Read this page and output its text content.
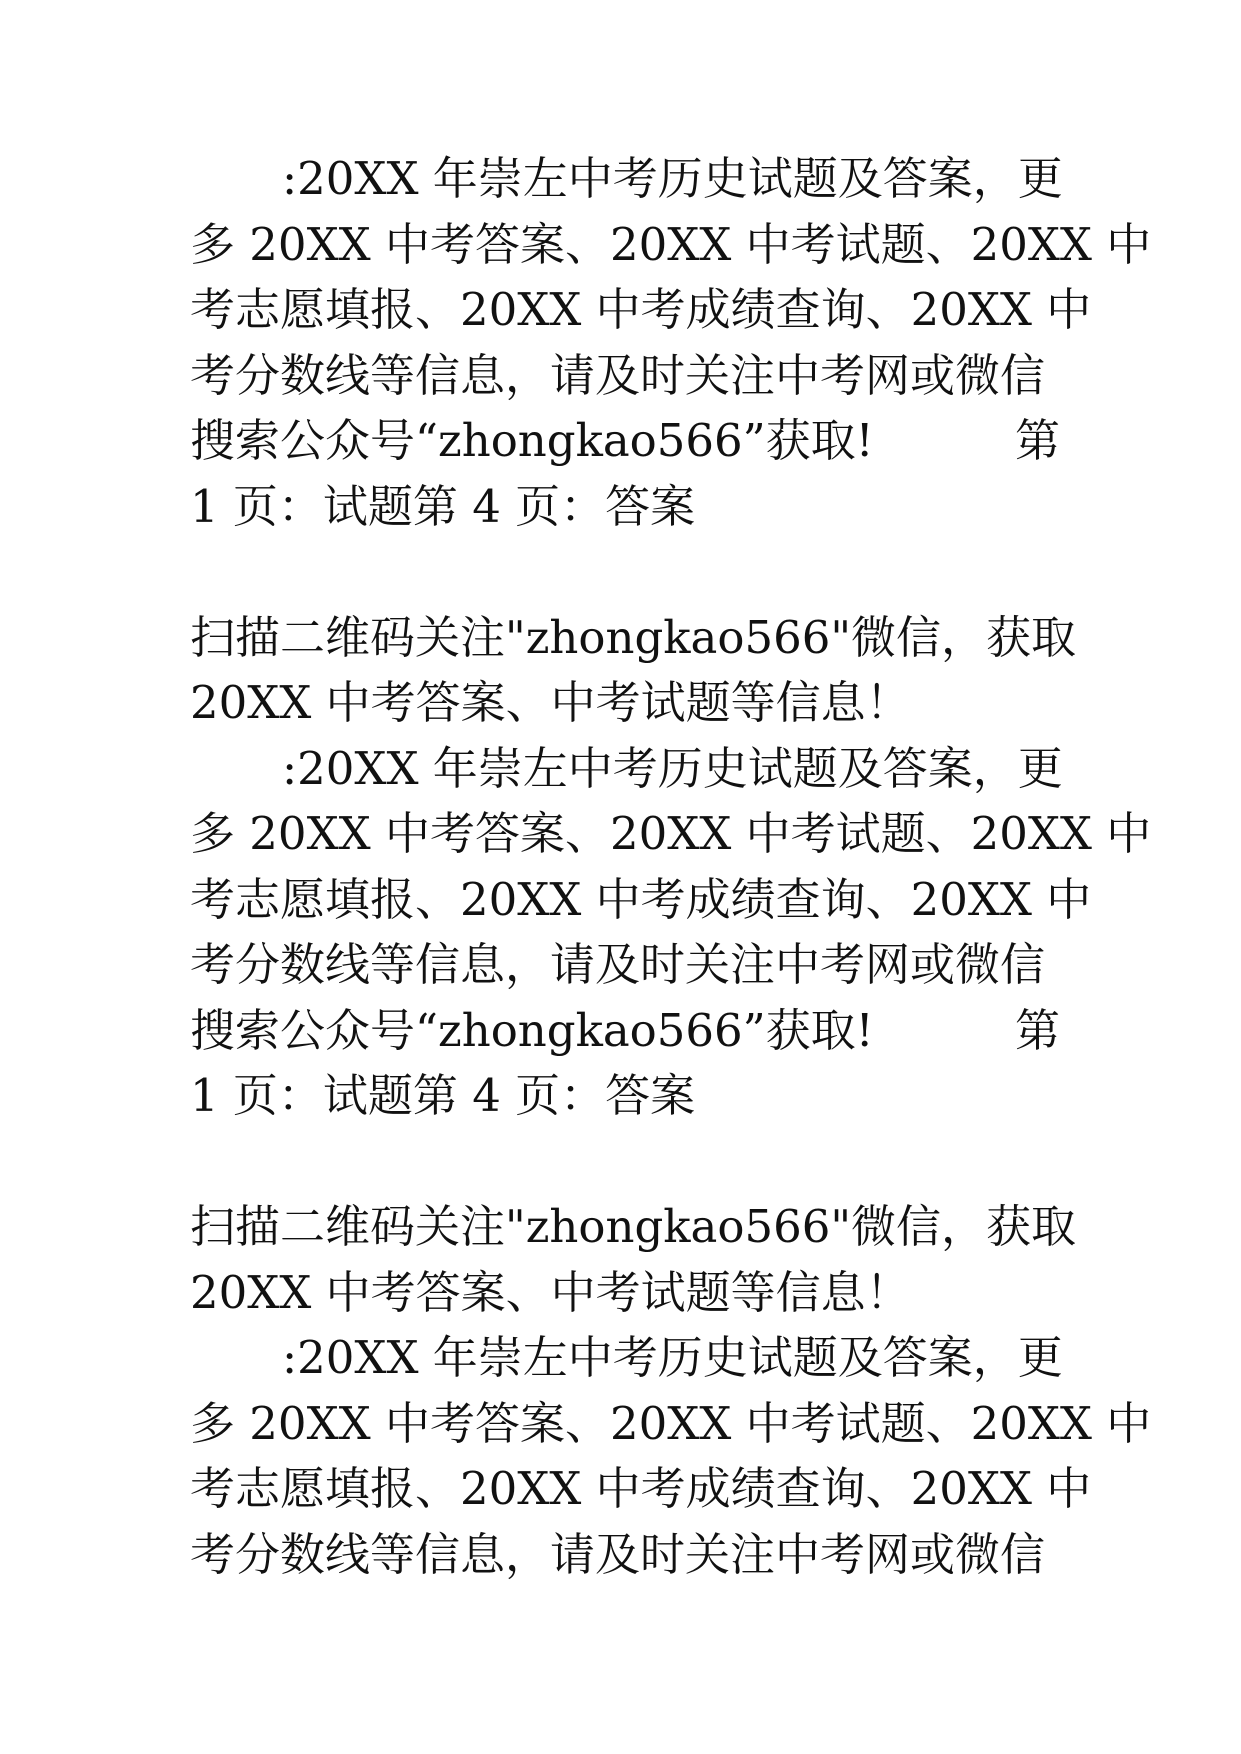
:20XX 年崇左中考历史试题及答案，更
多 20XX 中考答案、20XX 中考试题、20XX 中
考志愿填报、20XX 中考成绩查询、20XX 中
考分数线等信息，请及时关注中考网或微信
搜索公众号“zhongkao566”获取!	第
1 页：试题第 4 页：答案
扫描二维码关注"zhongkao566"微信，获取
20XX 中考答案、中考试题等信息！
:20XX 年崇左中考历史试题及答案，更
多 20XX 中考答案、20XX 中考试题、20XX 中
考志愿填报、20XX 中考成绩查询、20XX 中
考分数线等信息，请及时关注中考网或微信
搜索公众号“zhongkao566”获取!	第
1 页：试题第 4 页：答案
扫描二维码关注"zhongkao566"微信，获取
20XX 中考答案、中考试题等信息！
:20XX 年崇左中考历史试题及答案，更
多 20XX 中考答案、20XX 中考试题、20XX 中
考志愿填报、20XX 中考成绩查询、20XX 中
考分数线等信息，请及时关注中考网或微信
